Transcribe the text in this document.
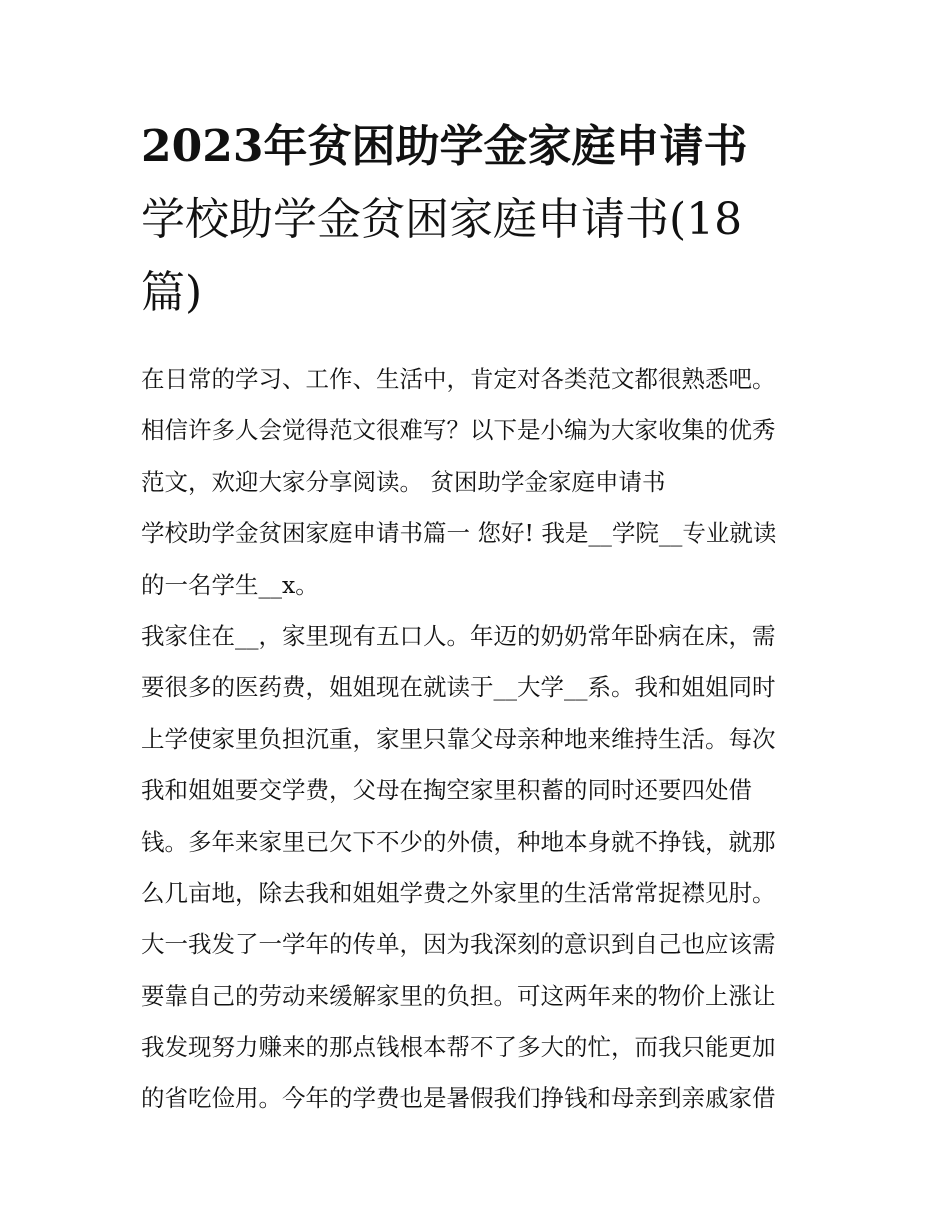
2023年贫困助学金家庭申请书
学校助学金贫困家庭申请书(18
篇)
在日常的学习、工作、生活中，肯定对各类范文都很熟悉吧。
相信许多人会觉得范文很难写？以下是小编为大家收集的优秀
范文，欢迎大家分享阅读。 贫困助学金家庭申请书
学校助学金贫困家庭申请书篇一 您好! 我是__学院__专业就读
的一名学生__x。
我家住在__，家里现有五口人。年迈的奶奶常年卧病在床，需
要很多的医药费，姐姐现在就读于__大学__系。我和姐姐同时
上学使家里负担沉重，家里只靠父母亲种地来维持生活。每次
我和姐姐要交学费，父母在掏空家里积蓄的同时还要四处借
钱。多年来家里已欠下不少的外债，种地本身就不挣钱，就那
么几亩地，除去我和姐姐学费之外家里的生活常常捉襟见肘。
大一我发了一学年的传单，因为我深刻的意识到自己也应该需
要靠自己的劳动来缓解家里的负担。可这两年来的物价上涨让
我发现努力赚来的那点钱根本帮不了多大的忙，而我只能更加
的省吃俭用。今年的学费也是暑假我们挣钱和母亲到亲戚家借
